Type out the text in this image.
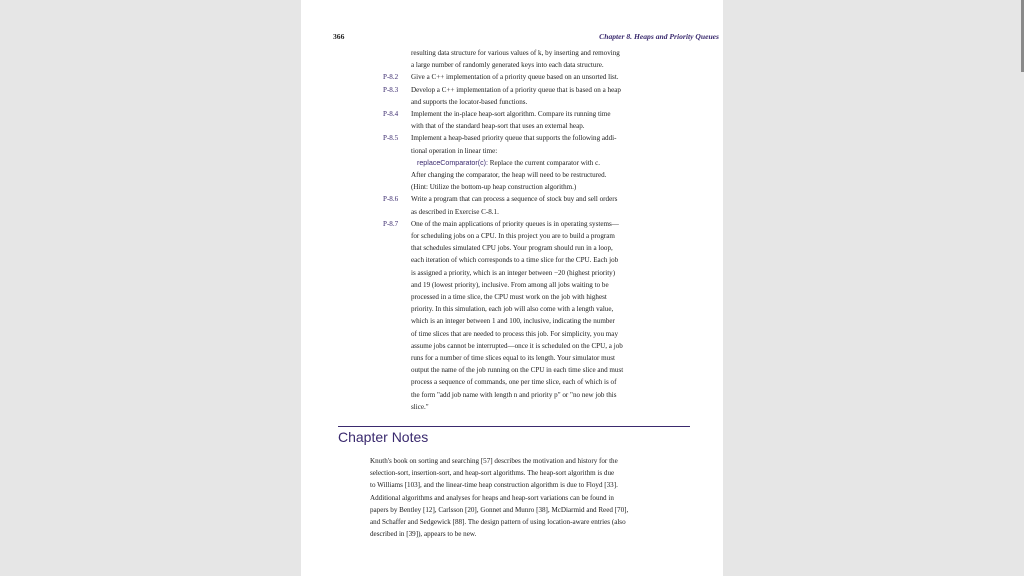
366	Chapter 8. Heaps and Priority Queues
resulting data structure for various values of k, by inserting and removing
a large number of randomly generated keys into each data structure.
P-8.2 Give a C++ implementation of a priority queue based on an unsorted list.
P-8.3 Develop a C++ implementation of a priority queue that is based on a heap
and supports the locator-based functions.
P-8.4 Implement the in-place heap-sort algorithm. Compare its running time
with that of the standard heap-sort that uses an external heap.
P-8.5 Implement a heap-based priority queue that supports the following addi-
tional operation in linear time:
replaceComparator(c): Replace the current comparator with c.
After changing the comparator, the heap will need to be restructured.
(Hint: Utilize the bottom-up heap construction algorithm.)
P-8.6 Write a program that can process a sequence of stock buy and sell orders
as described in Exercise C-8.1.
P-8.7 One of the main applications of priority queues is in operating systems—
for scheduling jobs on a CPU. In this project you are to build a program
that schedules simulated CPU jobs. Your program should run in a loop,
each iteration of which corresponds to a time slice for the CPU. Each job
is assigned a priority, which is an integer between −20 (highest priority)
and 19 (lowest priority), inclusive. From among all jobs waiting to be
processed in a time slice, the CPU must work on the job with highest
priority. In this simulation, each job will also come with a length value,
which is an integer between 1 and 100, inclusive, indicating the number
of time slices that are needed to process this job. For simplicity, you may
assume jobs cannot be interrupted—once it is scheduled on the CPU, a job
runs for a number of time slices equal to its length. Your simulator must
output the name of the job running on the CPU in each time slice and must
process a sequence of commands, one per time slice, each of which is of
the form "add job name with length n and priority p" or "no new job this
slice."
Chapter Notes
Knuth's book on sorting and searching [57] describes the motivation and history for the
selection-sort, insertion-sort, and heap-sort algorithms. The heap-sort algorithm is due
to Williams [103], and the linear-time heap construction algorithm is due to Floyd [33].
Additional algorithms and analyses for heaps and heap-sort variations can be found in
papers by Bentley [12], Carlsson [20], Gonnet and Munro [38], McDiarmid and Reed [70],
and Schaffer and Sedgewick [88]. The design pattern of using location-aware entries (also
described in [39]), appears to be new.
